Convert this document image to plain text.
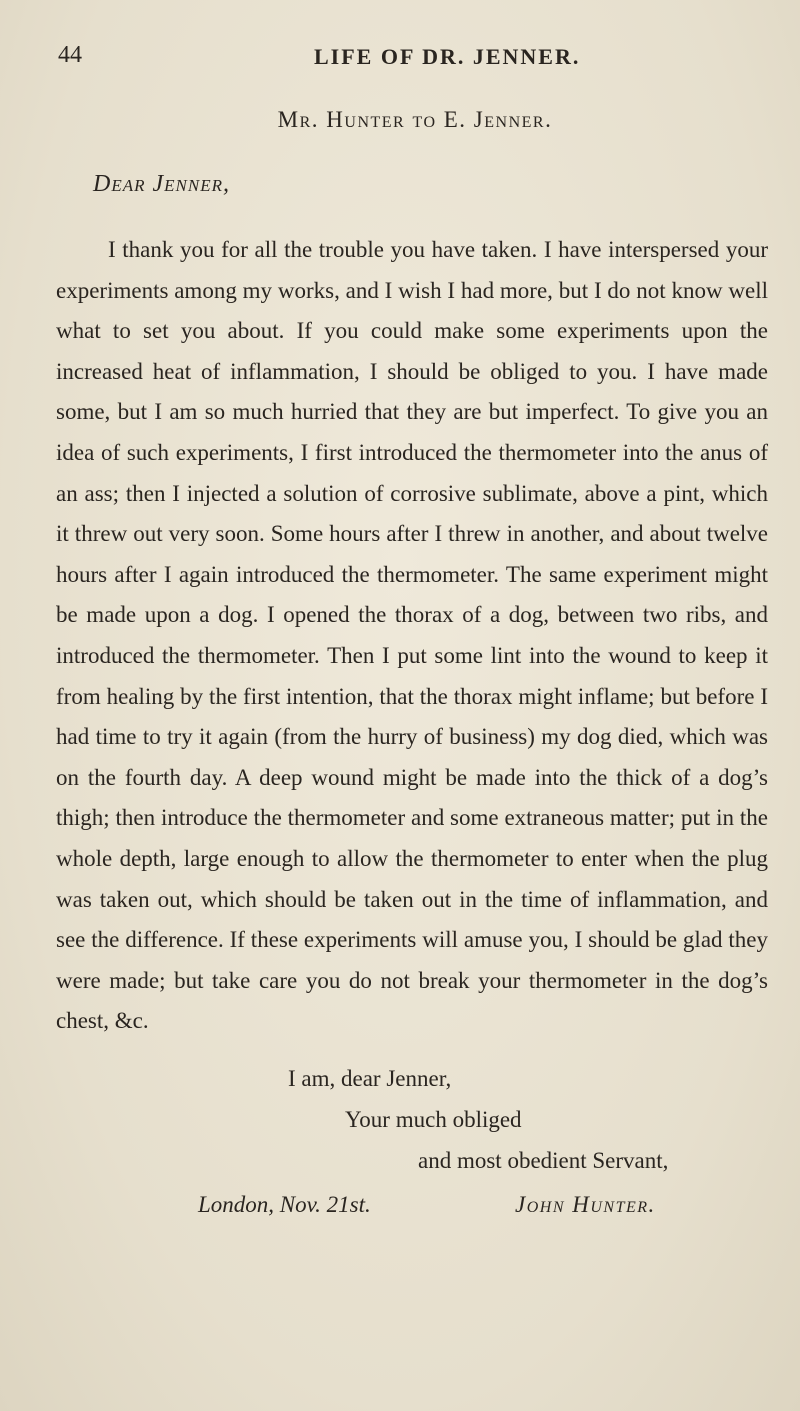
44	LIFE OF DR. JENNER.
Mr. Hunter to E. Jenner.
Dear Jenner,

I thank you for all the trouble you have taken. I have interspersed your experiments among my works, and I wish I had more, but I do not know well what to set you about. If you could make some experiments upon the increased heat of inflammation, I should be obliged to you. I have made some, but I am so much hurried that they are but imperfect. To give you an idea of such experiments, I first introduced the thermometer into the anus of an ass; then I injected a solution of corrosive sublimate, above a pint, which it threw out very soon. Some hours after I threw in another, and about twelve hours after I again introduced the thermometer. The same experiment might be made upon a dog. I opened the thorax of a dog, between two ribs, and introduced the thermometer. Then I put some lint into the wound to keep it from healing by the first intention, that the thorax might inflame; but before I had time to try it again (from the hurry of business) my dog died, which was on the fourth day. A deep wound might be made into the thick of a dog’s thigh; then introduce the thermometer and some extraneous matter; put in the whole depth, large enough to allow the thermometer to enter when the plug was taken out, which should be taken out in the time of inflammation, and see the difference. If these experiments will amuse you, I should be glad they were made; but take care you do not break your thermometer in the dog’s chest, &c.

I am, dear Jenner,
Your much obliged
and most obedient Servant,
London, Nov. 21st.	John Hunter.
